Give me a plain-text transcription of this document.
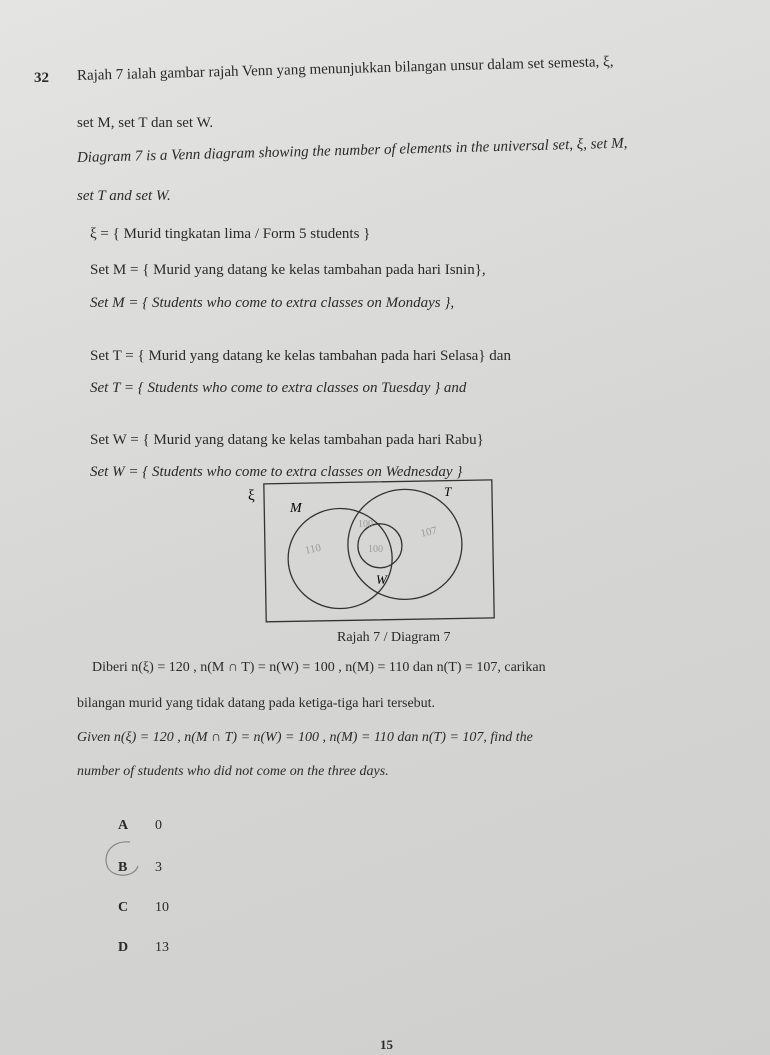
32 Rajah 7 ialah gambar rajah Venn yang menunjukkan bilangan unsur dalam set semesta, ξ,
set M, set T dan set W.
Diagram 7 is a Venn diagram showing the number of elements in the universal set, ξ, set M,
set T and set W.
ξ = { Murid tingkatan lima / Form 5 students }
Set M = { Murid yang datang ke kelas tambahan pada hari Isnin},
Set M = { Students who come to extra classes on Mondays },
Set T = { Murid yang datang ke kelas tambahan pada hari Selasa} dan
Set T = { Students who come to extra classes on Tuesday } and
Set W = { Murid yang datang ke kelas tambahan pada hari Rabu}
Set W = { Students who come to extra classes on Wednesday }
ξ
M
T
W
110
100
100
107
Rajah 7 / Diagram 7
Diberi n(ξ) = 120 , n(M ∩ T) = n(W) = 100 , n(M) = 110 dan n(T) = 107, carikan
bilangan murid yang tidak datang pada ketiga-tiga hari tersebut.
Given n(ξ) = 120 , n(M ∩ T) = n(W) = 100 , n(M) = 110 dan n(T) = 107, find the
number of students who did not come on the three days.
A 0
B 3
C 10
D 13
15
